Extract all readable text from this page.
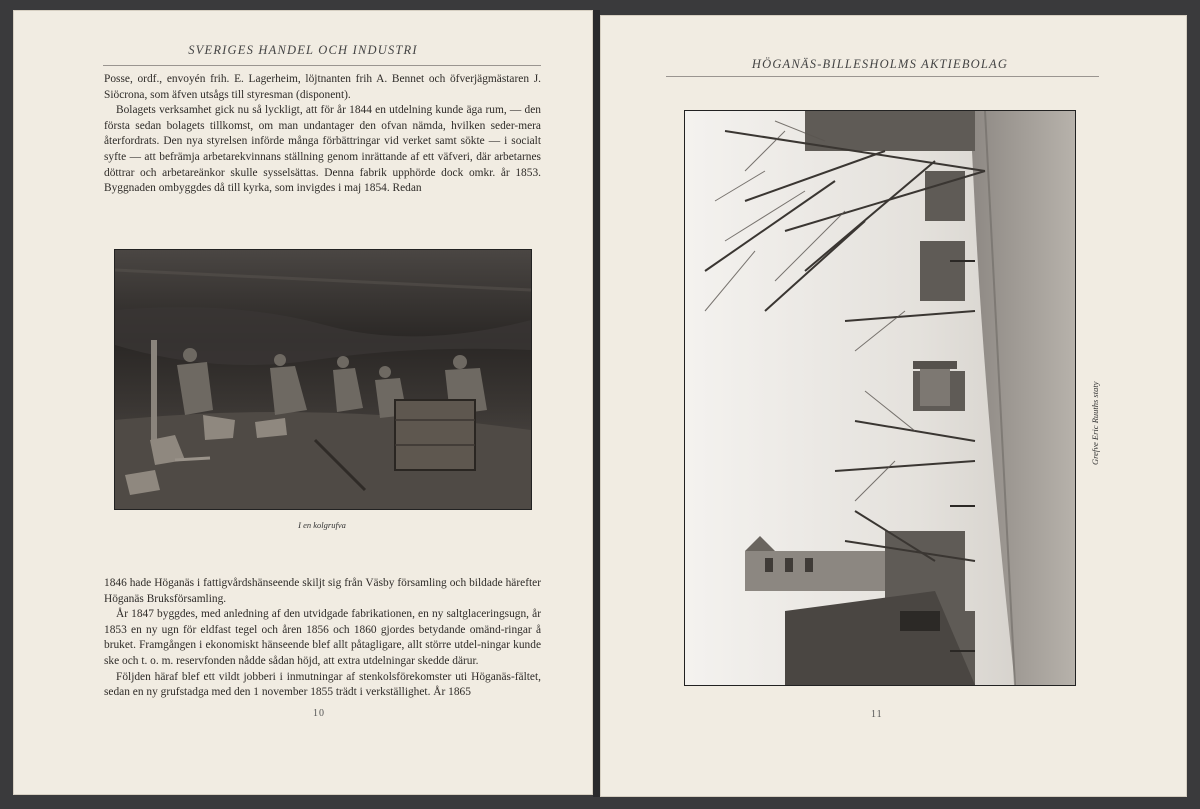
SVERIGES HANDEL OCH INDUSTRI

Posse, ordf., envoyén frih. E. Lagerheim, löjtnanten frih A. Bennet och öfverjägmästaren J. Siöcrona, som äfven utsågs till styresman (disponent).

Bolagets verksamhet gick nu så lyckligt, att för år 1844 en utdelning kunde äga rum, — den första sedan bolagets tillkomst, om man undantager den ofvan nämda, hvilken seder-mera återfordrats. Den nya styrelsen införde många förbättringar vid verket samt sökte — i socialt syfte — att befrämja arbetarekvinnans ställning genom inrättande af ett väfveri, där arbetarnes döttrar och arbetareänkor skulle sysselsättas. Denna fabrik upphörde dock omkr. år 1853. Byggnaden ombyggdes då till kyrka, som invigdes i maj 1854. Redan

I en kolgrufva

1846 hade Höganäs i fattigvårdshänseende skiljt sig från Väsby församling och bildade härefter Höganäs Bruksförsamling.

År 1847 byggdes, med anledning af den utvidgade fabrikationen, en ny saltglaceringsugn, år 1853 en ny ugn för eldfast tegel och åren 1856 och 1860 gjordes betydande omänd-ringar å bruket. Framgången i ekonomiskt hänseende blef allt påtagligare, allt större utdel-ningar kunde ske och t. o. m. reservfonden nådde sådan höjd, att extra utdelningar skedde därur.

Följden häraf blef ett vildt jobberi i inmutningar af stenkolsförekomster uti Höganäs-fältet, sedan en ny grufstadga med den 1 november 1855 trädt i verkställighet. År 1865

10
HÖGANÄS-BILLESHOLMS AKTIEBOLAG
Grefve Eric Ruuths staty
11
